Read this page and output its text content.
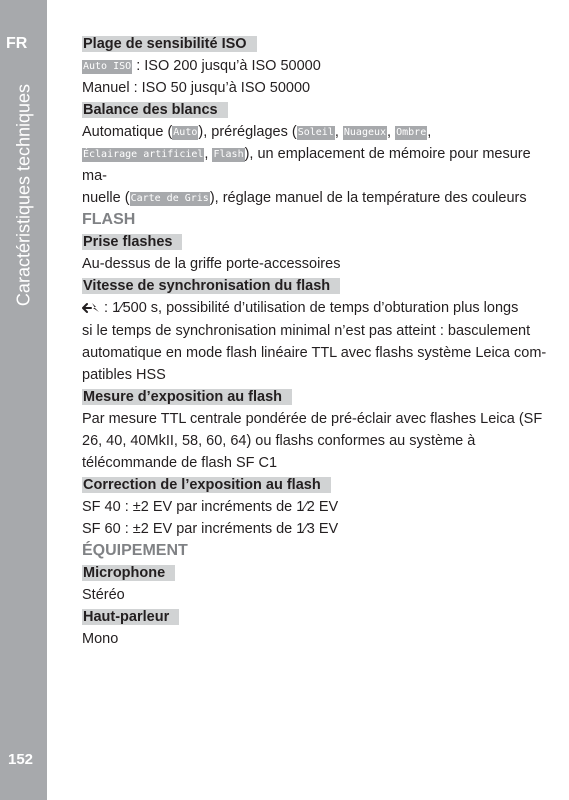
FR
Caractéristiques techniques
152

Plage de sensibilité ISO

Auto ISO : ISO 200 jusqu’à ISO 50000

Manuel : ISO 50 jusqu’à ISO 50000

Balance des blancs

Automatique (Auto), préréglages (Soleil, Nuageux, Ombre,
Éclairage artificiel, Flash), un emplacement de mémoire pour mesure ma-
nuelle (Carte de Gris), réglage manuel de la température des couleurs

FLASH

Prise flashes

Au-dessus de la griffe porte-accessoires

Vitesse de synchronisation du flash

: 1⁄500 s, possibilité d’utilisation de temps d’obturation plus longs
si le temps de synchronisation minimal n’est pas atteint : basculement
automatique en mode flash linéaire TTL avec flashs système Leica com-
patibles HSS

Mesure d’exposition au flash

Par mesure TTL centrale pondérée de pré-éclair avec flashes Leica (SF
26, 40, 40MkII, 58, 60, 64) ou flashs conformes au système à
télécommande de flash SF C1

Correction de l’exposition au flash

SF 40 : ±2 EV par incréments de 1⁄2 EV

SF 60 : ±2 EV par incréments de 1⁄3 EV

ÉQUIPEMENT

Microphone

Stéréo

Haut-parleur

Mono
